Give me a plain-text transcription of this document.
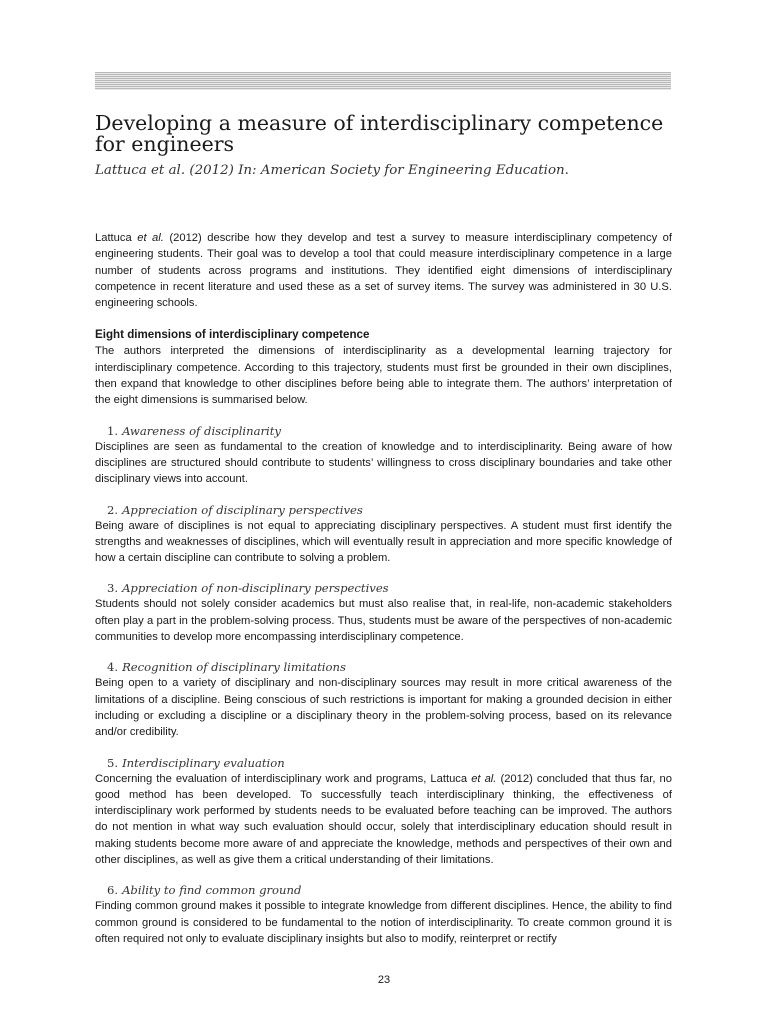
Developing a measure of interdisciplinary competence for engineers

Lattuca et al. (2012) In: American Society for Engineering Education.

Lattuca et al. (2012) describe how they develop and test a survey to measure interdisciplinary competency of engineering students. Their goal was to develop a tool that could measure interdisciplinary competence in a large number of students across programs and institutions. They identified eight dimensions of interdisciplinary competence in recent literature and used these as a set of survey items. The survey was administered in 30 U.S. engineering schools.

Eight dimensions of interdisciplinary competence

The authors interpreted the dimensions of interdisciplinarity as a developmental learning trajectory for interdisciplinary competence. According to this trajectory, students must first be grounded in their own disciplines, then expand that knowledge to other disciplines before being able to integrate them. The authors’ interpretation of the eight dimensions is summarised below.

1. Awareness of disciplinarity

Disciplines are seen as fundamental to the creation of knowledge and to interdisciplinarity. Being aware of how disciplines are structured should contribute to students’ willingness to cross disciplinary boundaries and take other disciplinary views into account.

2. Appreciation of disciplinary perspectives

Being aware of disciplines is not equal to appreciating disciplinary perspectives. A student must first identify the strengths and weaknesses of disciplines, which will eventually result in appreciation and more specific knowledge of how a certain discipline can contribute to solving a problem.

3. Appreciation of non-disciplinary perspectives

Students should not solely consider academics but must also realise that, in real-life, non-academic stakeholders often play a part in the problem-solving process. Thus, students must be aware of the perspectives of non-academic communities to develop more encompassing interdisciplinary competence.

4. Recognition of disciplinary limitations

Being open to a variety of disciplinary and non-disciplinary sources may result in more critical awareness of the limitations of a discipline. Being conscious of such restrictions is important for making a grounded decision in either including or excluding a discipline or a disciplinary theory in the problem-solving process, based on its relevance and/or credibility.

5. Interdisciplinary evaluation

Concerning the evaluation of interdisciplinary work and programs, Lattuca et al. (2012) concluded that thus far, no good method has been developed. To successfully teach interdisciplinary thinking, the effectiveness of interdisciplinary work performed by students needs to be evaluated before teaching can be improved. The authors do not mention in what way such evaluation should occur, solely that interdisciplinary education should result in making students become more aware of and appreciate the knowledge, methods and perspectives of their own and other disciplines, as well as give them a critical understanding of their limitations.

6. Ability to find common ground

Finding common ground makes it possible to integrate knowledge from different disciplines. Hence, the ability to find common ground is considered to be fundamental to the notion of interdisciplinarity. To create common ground it is often required not only to evaluate disciplinary insights but also to modify, reinterpret or rectify

23
